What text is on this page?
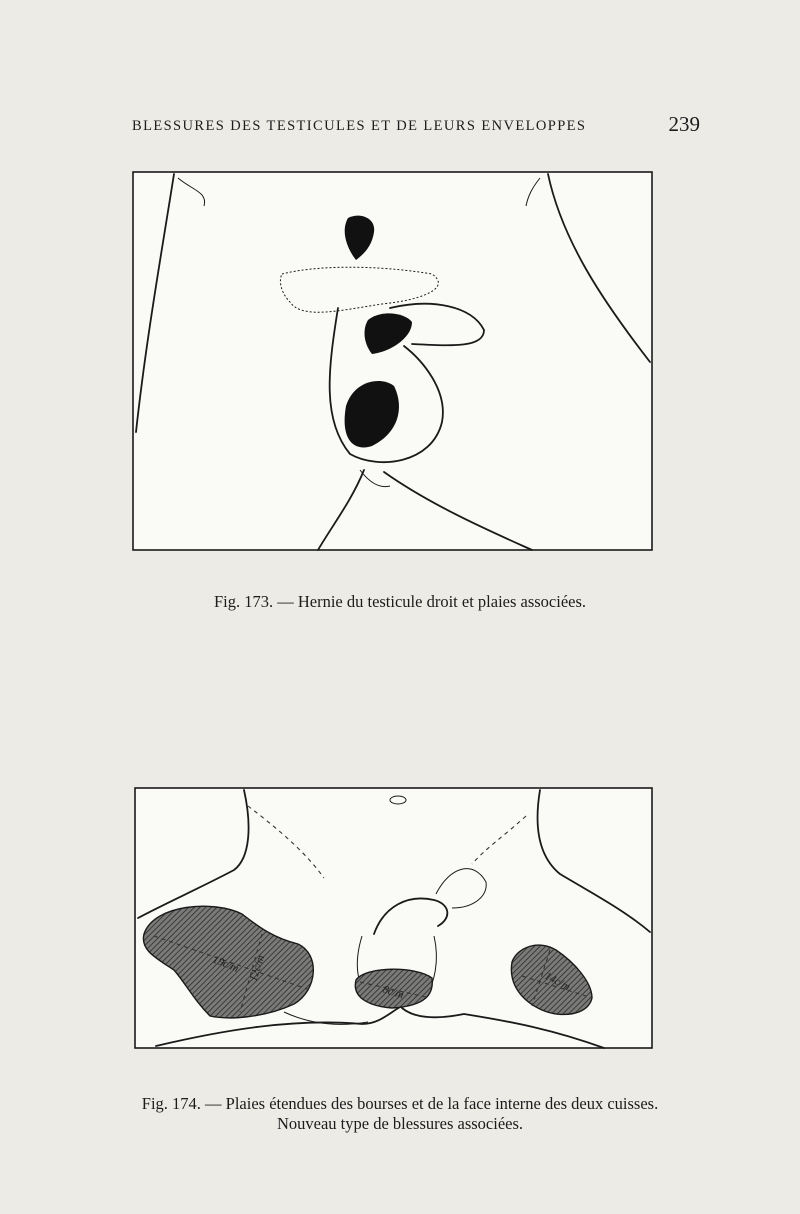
BLESSURES DES TESTICULES ET DE LEURS ENVELOPPES	239
Fig. 173. — Hernie du testicule droit et plaies associées.
19c/m 12c/m
8c/m	14c/m
Fig. 174. — Plaies étendues des bourses et de la face interne des deux cuisses.
Nouveau type de blessures associées.
